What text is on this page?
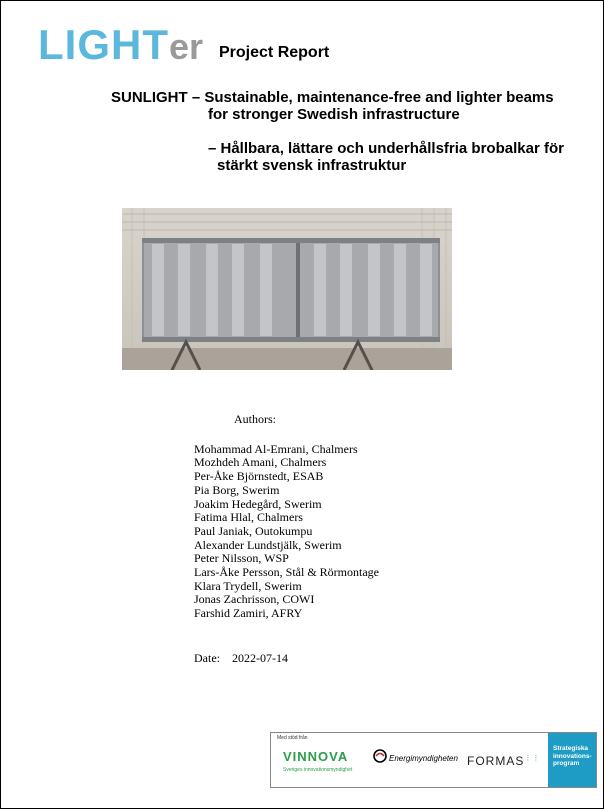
LIGHTer Project Report
SUNLIGHT – Sustainable, maintenance-free and lighter beams
for stronger Swedish infrastructure
– Hållbara, lättare och underhållsfria brobalkar för
stärkt svensk infrastruktur
Authors:
Mohammad Al-Emrani, Chalmers
Mozhdeh Amani, Chalmers
Per-Åke Björnstedt, ESAB
Pia Borg, Swerim
Joakim Hedegård, Swerim
Fatima Hlal, Chalmers
Paul Janiak, Outokumpu
Alexander Lundstjälk, Swerim
Peter Nilsson, WSP
Lars-Åke Persson, Stål & Rörmontage
Klara Trydell, Swerim
Jonas Zachrisson, COWI
Farshid Zamiri, AFRY
Date: 2022-07-14
Med stöd från
VINNOVA
Sveriges innovationsmyndighet
Energimyndigheten FORMAS⋮⋮
Strategiska
innovations-
program
